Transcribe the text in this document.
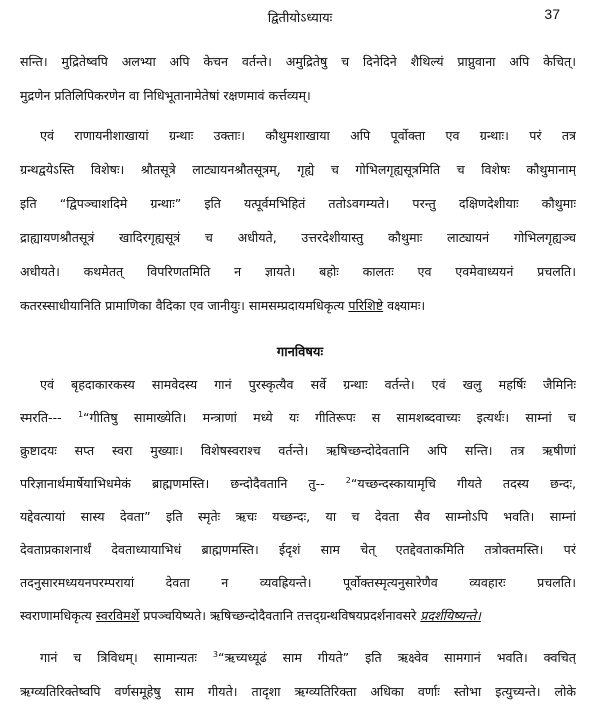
द्वितीयोऽध्यायः	37
सन्ति। मुद्रितेष्वपि अलभ्या अपि केचन वर्तन्ते। अमुद्रितेषु च दिनेदिने शैथिल्यं प्राप्नुवाना अपि केचित्।
मुद्रणेन प्रतिलिपिकरणेन वा निधिभूतानामेतेषां रक्षणमावं कर्त्तव्यम्।
एवं राणायनीशाखायां ग्रन्थाः उक्ताः। कौथुमशाखाया अपि पूर्वोक्ता एव ग्रन्थाः। परं तत्र
ग्रन्थद्वयेऽस्ति विशेषः। श्रौतसूत्रे लाट्यायनश्रौतसूत्रम्, गृह्ये च गोभिलगृह्यसूत्रमिति च विशेषः कौथुमानाम्
इति “द्विपञ्चाशदिमे ग्रन्थाः” इति यत्पूर्वमभिहितं ततोऽवगम्यते। परन्तु दक्षिणदेशीयाः कौथुमाः
द्राह्यायणश्रौतसूत्रं खादिरगृह्यसूत्रं च अधीयते, उत्तरदेशीयास्तु कौथुमाः लाट्यायनं गोभिलगृह्यञ्च
अधीयते। कथमेतत् विपरिणतमिति न ज्ञायते। बहोः कालतः एव एवमेवाध्ययनं प्रचलति।
कतरस्साधीयानिति प्रामाणिका वैदिका एव जानीयुः। सामसम्प्रदायमधिकृत्य परिशिष्टे वक्ष्यामः।
गानविषयः
एवं बृहदाकारकस्य सामवेदस्य गानं पुरस्कृत्यैव सर्वे ग्रन्थाः वर्तन्ते। एवं खलु महर्षिः जैमिनिः
स्मरति--- $^1$“गीतिषु सामाख्येति। मन्त्राणां मध्ये यः गीतिरूपः स सामशब्दवाच्यः इत्यर्थः। साम्नां च
क्रुष्टादयः सप्त स्वरा मुख्याः। विशेषस्वराश्च वर्तन्ते। ऋषिच्छन्दोदेवतानि अपि सन्ति। तत्र ऋषीणां
परिज्ञानार्थमार्षेयाभिधमेकं ब्राह्मणमस्ति। छन्दोदैवतानि तु-- $^2$“यच्छन्दस्कायामृचि गीयते तदस्य छन्दः,
यद्देवत्यायां सास्य देवता” इति स्मृतेः ऋचः यच्छन्दः, या च देवता सैव साम्नोऽपि भवति। साम्नां
देवताप्रकाशनार्थं देवताध्यायाभिधं ब्राह्मणमस्ति। ईदृशं साम चेत् एतद्देवताकमिति तत्रोक्तमस्ति। परं
तदनुसारमध्ययनपरम्परायां देवता न व्यवह्रियन्ते। पूर्वोक्तस्मृत्यनुसारेणैव व्यवहारः प्रचलति।
स्वराणामधिकृत्य स्वरविमर्शे प्रपञ्चयिष्यते। ऋषिच्छन्दोदैवतानि तत्तद्ग्रन्थविषयप्रदर्शनावसरे प्रदर्शयिष्यन्ते।
गानं च त्रिविधम्। सामान्यतः $^3$“ऋच्यध्यूढं साम गीयते” इति ऋक्ष्वेव सामगानं भवति। क्वचित्
ऋग्व्यतिरिक्तेष्वपि वर्णसमूहेषु साम गीयते। तादृशा ऋग्व्यतिरिक्ता अधिका वर्णाः स्तोभा इत्युच्यन्ते। लोके
